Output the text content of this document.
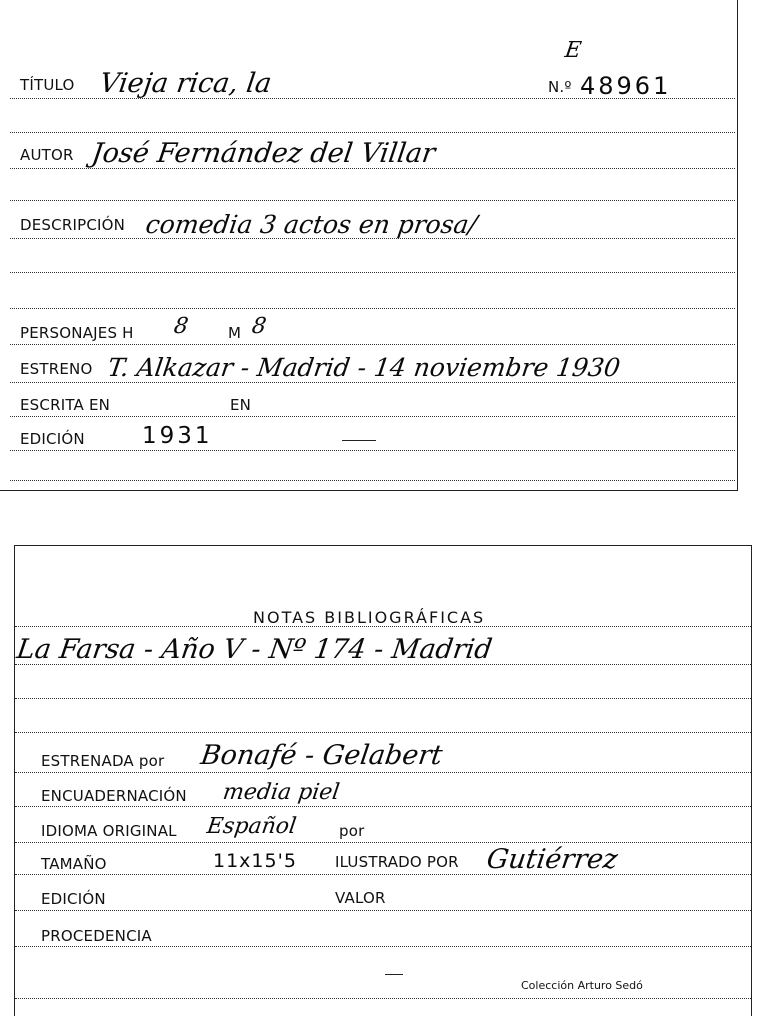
E
TÍTULO Vieja rica, la	N.º 48961
AUTOR José Fernández del Villar
DESCRIPCIÓN comedia 3 actos en prosa/
PERSONAJES H 8	M 8
ESTRENO T. Alkazar - Madrid - 14 noviembre 1930
ESCRITA EN	EN
EDICIÓN 1931
NOTAS BIBLIOGRÁFICAS
La Farsa - Año V - Nº 174 - Madrid
ESTRENADA por Bonafé - Gelabert
ENCUADERNACIÓN media piel
IDIOMA ORIGINAL Español	por
TAMAÑO	11x15'5	ILUSTRADO POR Gutiérrez
EDICIÓN	VALOR
PROCEDENCIA
Colección Arturo Sedó
